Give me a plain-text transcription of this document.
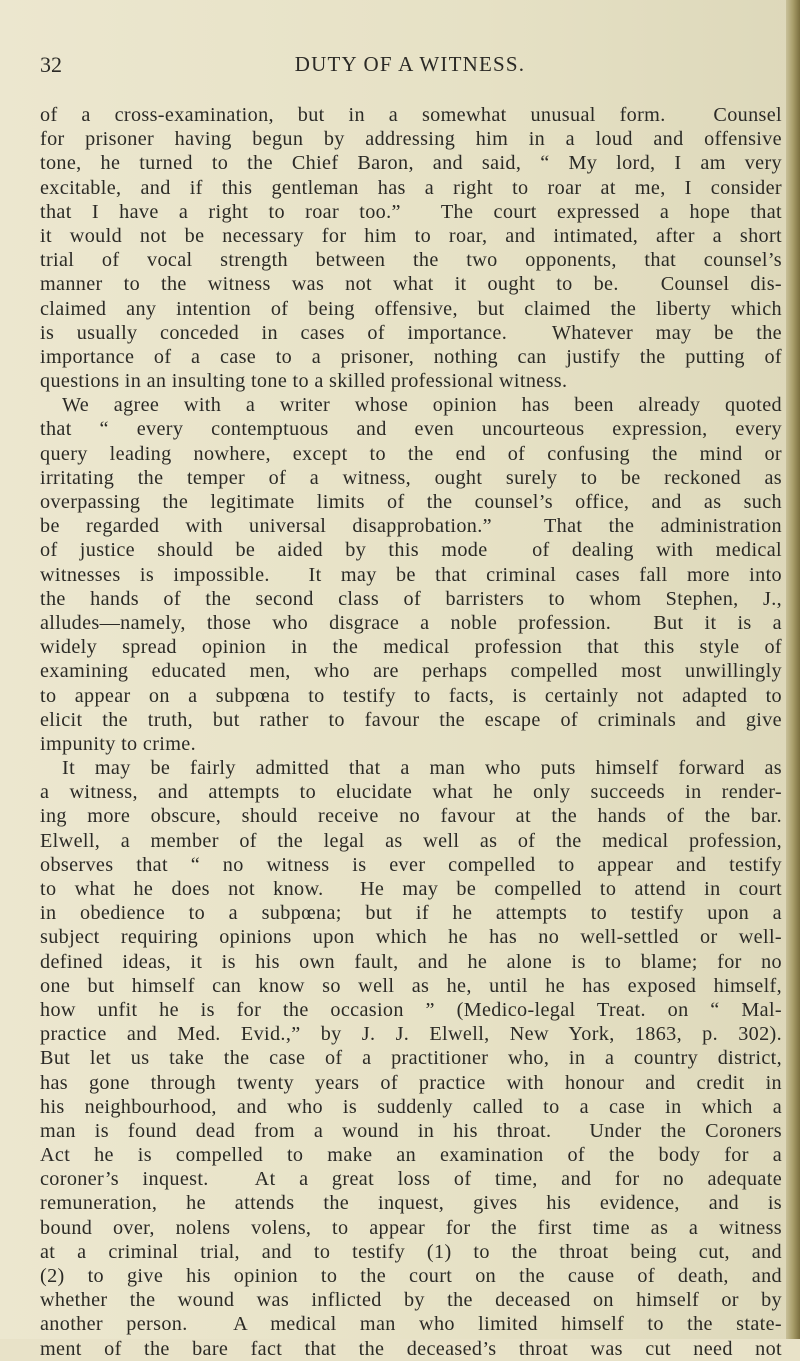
32	DUTY OF A WITNESS.
of a cross-examination, but in a somewhat unusual form.  Counsel
for prisoner having begun by addressing him in a loud and offensive
tone, he turned to the Chief Baron, and said, “ My lord, I am very
excitable, and if this gentleman has a right to roar at me, I consider
that I have a right to roar too.”  The court expressed a hope that
it would not be necessary for him to roar, and intimated, after a short
trial of vocal strength between the two opponents, that counsel’s
manner to the witness was not what it ought to be.  Counsel dis-
claimed any intention of being offensive, but claimed the liberty which
is usually conceded in cases of importance.  Whatever may be the
importance of a case to a prisoner, nothing can justify the putting of
questions in an insulting tone to a skilled professional witness.
We agree with a writer whose opinion has been already quoted
that “ every contemptuous and even uncourteous expression, every
query leading nowhere, except to the end of confusing the mind or
irritating the temper of a witness, ought surely to be reckoned as
overpassing the legitimate limits of the counsel’s office, and as such
be regarded with universal disapprobation.”  That the administration
of justice should be aided by this mode  of dealing with medical
witnesses is impossible.  It may be that criminal cases fall more into
the hands of the second class of barristers to whom Stephen, J.,
alludes—namely, those who disgrace a noble profession.  But it is a
widely spread opinion in the medical profession that this style of
examining educated men, who are perhaps compelled most unwillingly
to appear on a subpœna to testify to facts, is certainly not adapted to
elicit the truth, but rather to favour the escape of criminals and give
impunity to crime.
It may be fairly admitted that a man who puts himself forward as
a witness, and attempts to elucidate what he only succeeds in render-
ing more obscure, should receive no favour at the hands of the bar.
Elwell, a member of the legal as well as of the medical profession,
observes that “ no witness is ever compelled to appear and testify
to what he does not know.  He may be compelled to attend in court
in obedience to a subpœna; but if he attempts to testify upon a
subject requiring opinions upon which he has no well-settled or well-
defined ideas, it is his own fault, and he alone is to blame; for no
one but himself can know so well as he, until he has exposed himself,
how unfit he is for the occasion ” (Medico-legal Treat. on “ Mal-
practice and Med. Evid.,” by J. J. Elwell, New York, 1863, p. 302).
But let us take the case of a practitioner who, in a country district,
has gone through twenty years of practice with honour and credit in
his neighbourhood, and who is suddenly called to a case in which a
man is found dead from a wound in his throat.  Under the Coroners
Act he is compelled to make an examination of the body for a
coroner’s inquest.  At a great loss of time, and for no adequate
remuneration, he attends the inquest, gives his evidence, and is
bound over, nolens volens, to appear for the first time as a witness
at a criminal trial, and to testify (1) to the throat being cut, and
(2) to give his opinion to the court on the cause of death, and
whether the wound was inflicted by the deceased on himself or by
another person.  A medical man who limited himself to the state-
ment of the bare fact that the deceased’s throat was cut need not
